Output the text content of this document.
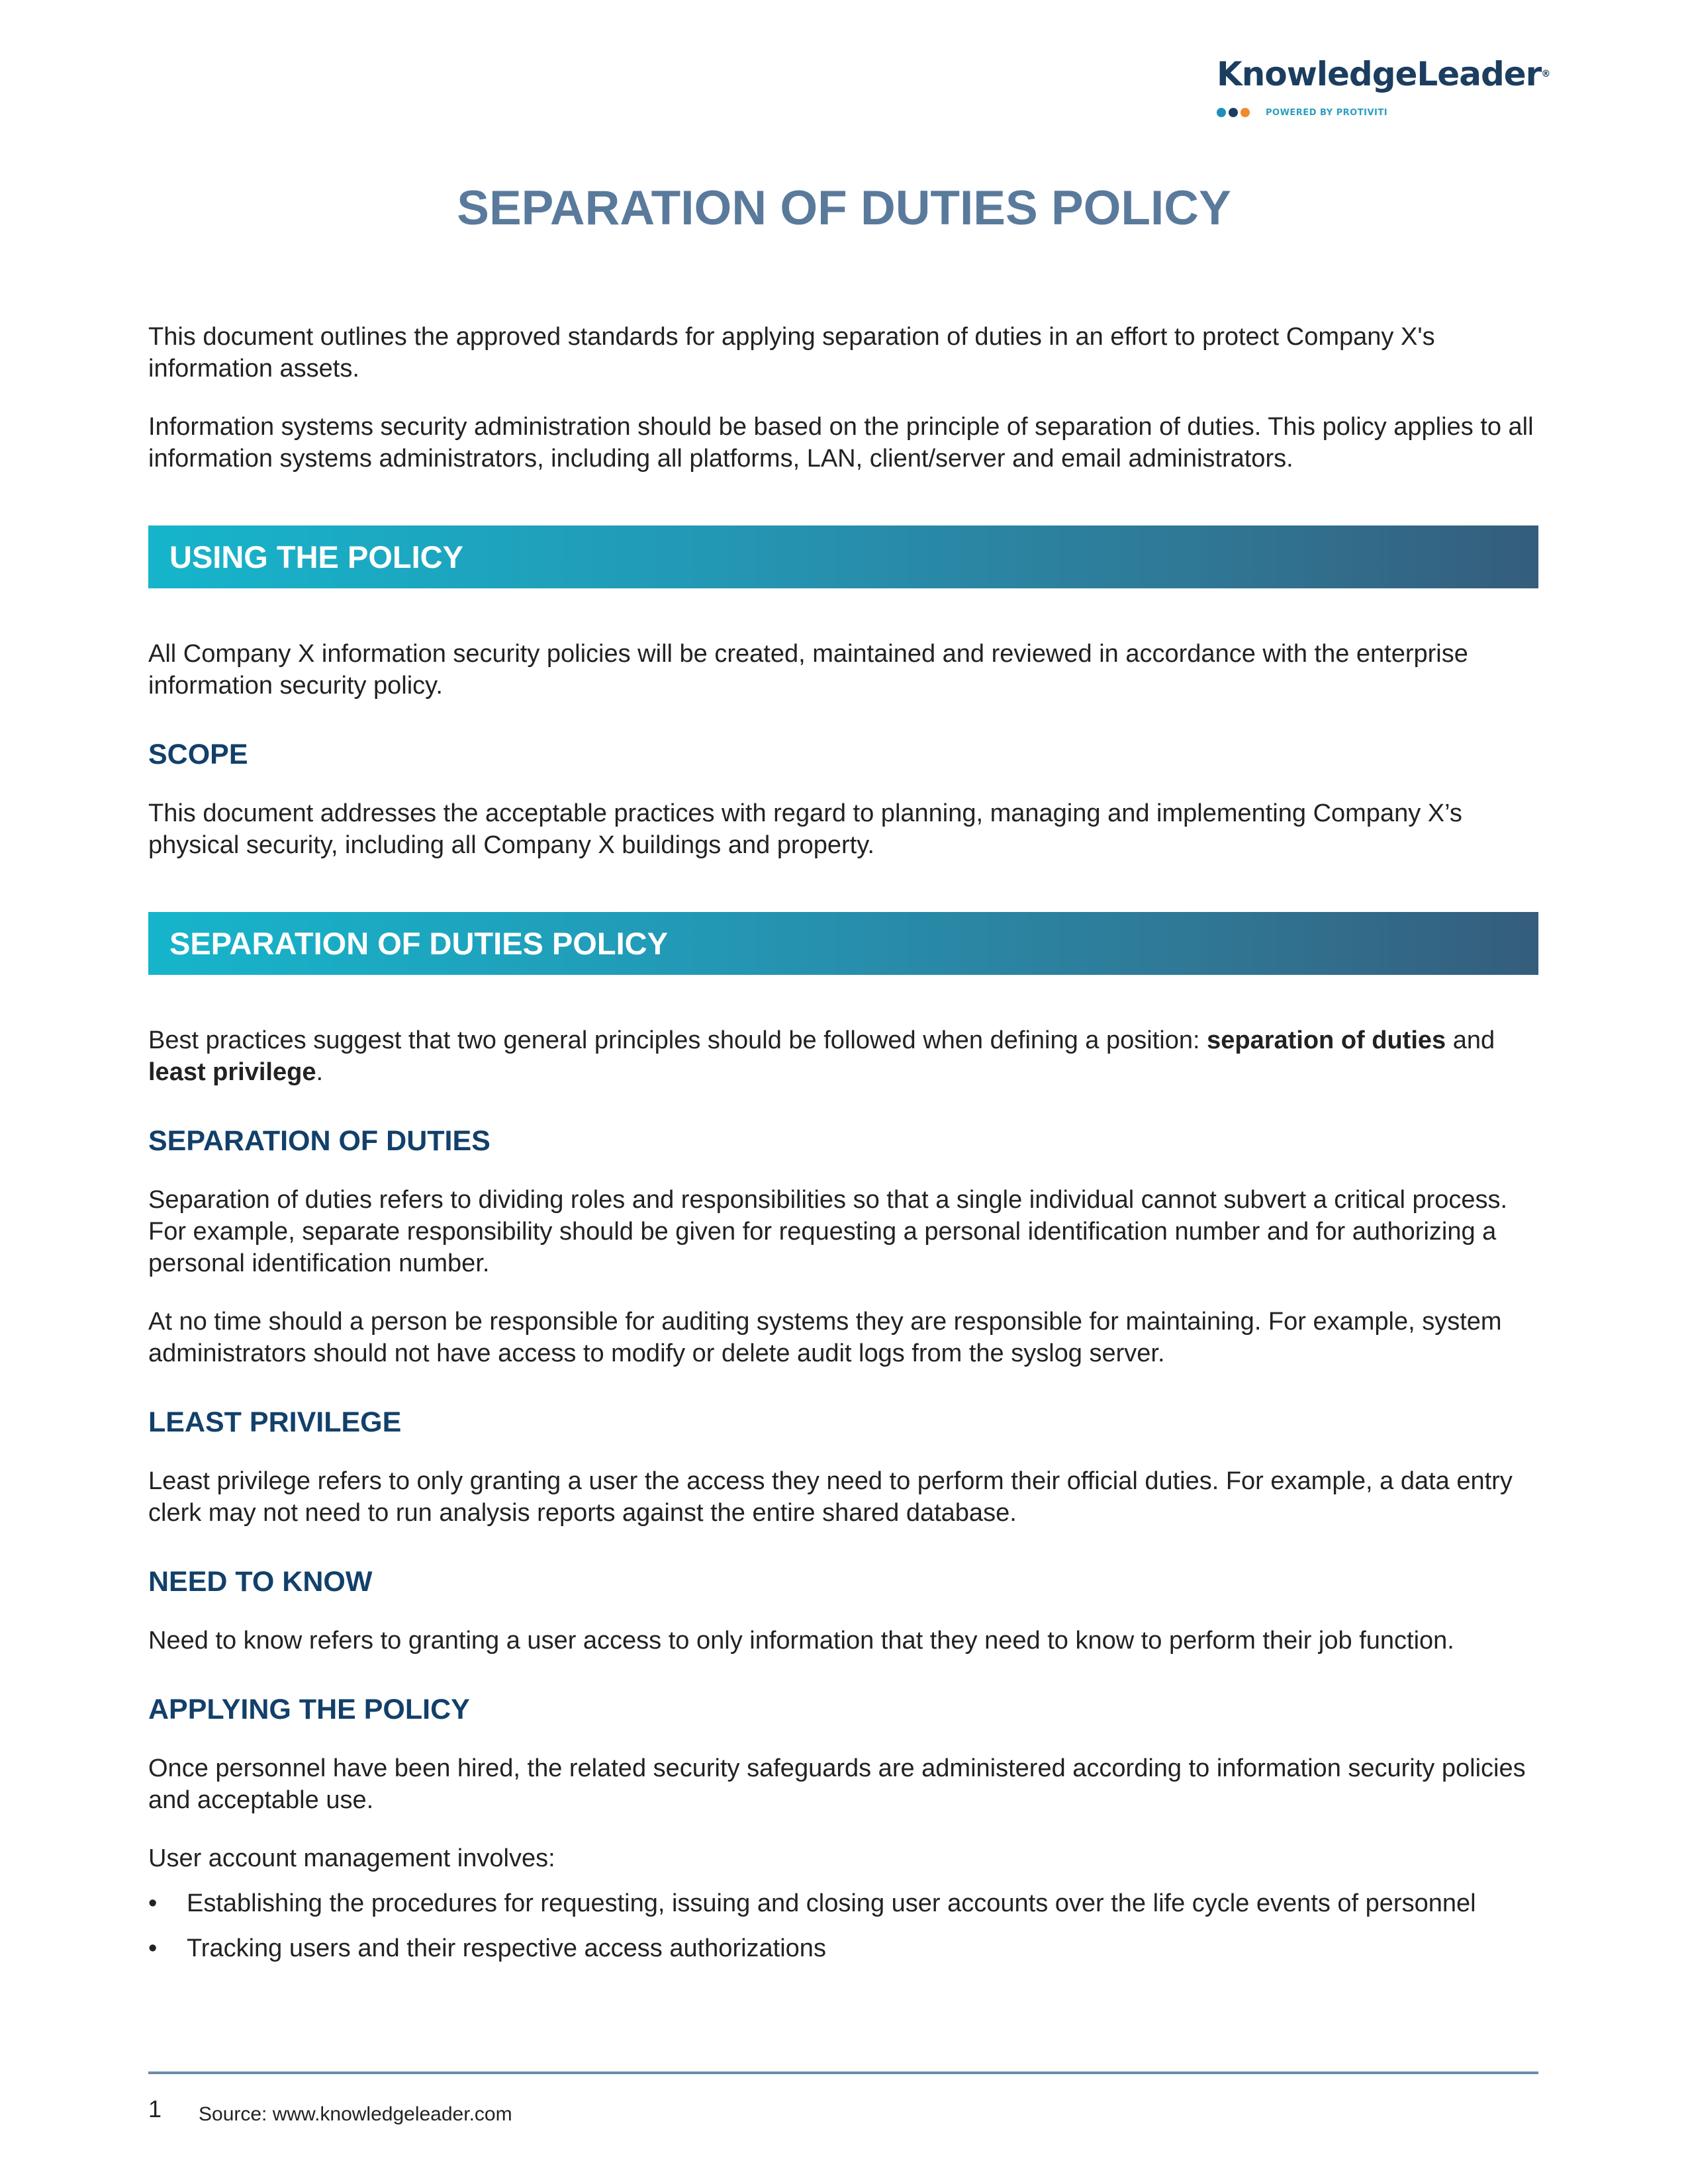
KnowledgeLeader®
POWERED BY PROTIVITI
SEPARATION OF DUTIES POLICY

This document outlines the approved standards for applying separation of duties in an effort to protect Company X's information assets.

Information systems security administration should be based on the principle of separation of duties. This policy applies to all information systems administrators, including all platforms, LAN, client/server and email administrators.

USING THE POLICY

All Company X information security policies will be created, maintained and reviewed in accordance with the enterprise information security policy.

SCOPE

This document addresses the acceptable practices with regard to planning, managing and implementing Company X’s physical security, including all Company X buildings and property.

SEPARATION OF DUTIES POLICY

Best practices suggest that two general principles should be followed when defining a position: separation of duties and least privilege.

SEPARATION OF DUTIES

Separation of duties refers to dividing roles and responsibilities so that a single individual cannot subvert a critical process. For example, separate responsibility should be given for requesting a personal identification number and for authorizing a personal identification number.

At no time should a person be responsible for auditing systems they are responsible for maintaining. For example, system administrators should not have access to modify or delete audit logs from the syslog server.

LEAST PRIVILEGE

Least privilege refers to only granting a user the access they need to perform their official duties. For example, a data entry clerk may not need to run analysis reports against the entire shared database.

NEED TO KNOW

Need to know refers to granting a user access to only information that they need to know to perform their job function.

APPLYING THE POLICY

Once personnel have been hired, the related security safeguards are administered according to information security policies and acceptable use.

User account management involves:

• Establishing the procedures for requesting, issuing and closing user accounts over the life cycle events of personnel
• Tracking users and their respective access authorizations
1 Source: www.knowledgeleader.com
